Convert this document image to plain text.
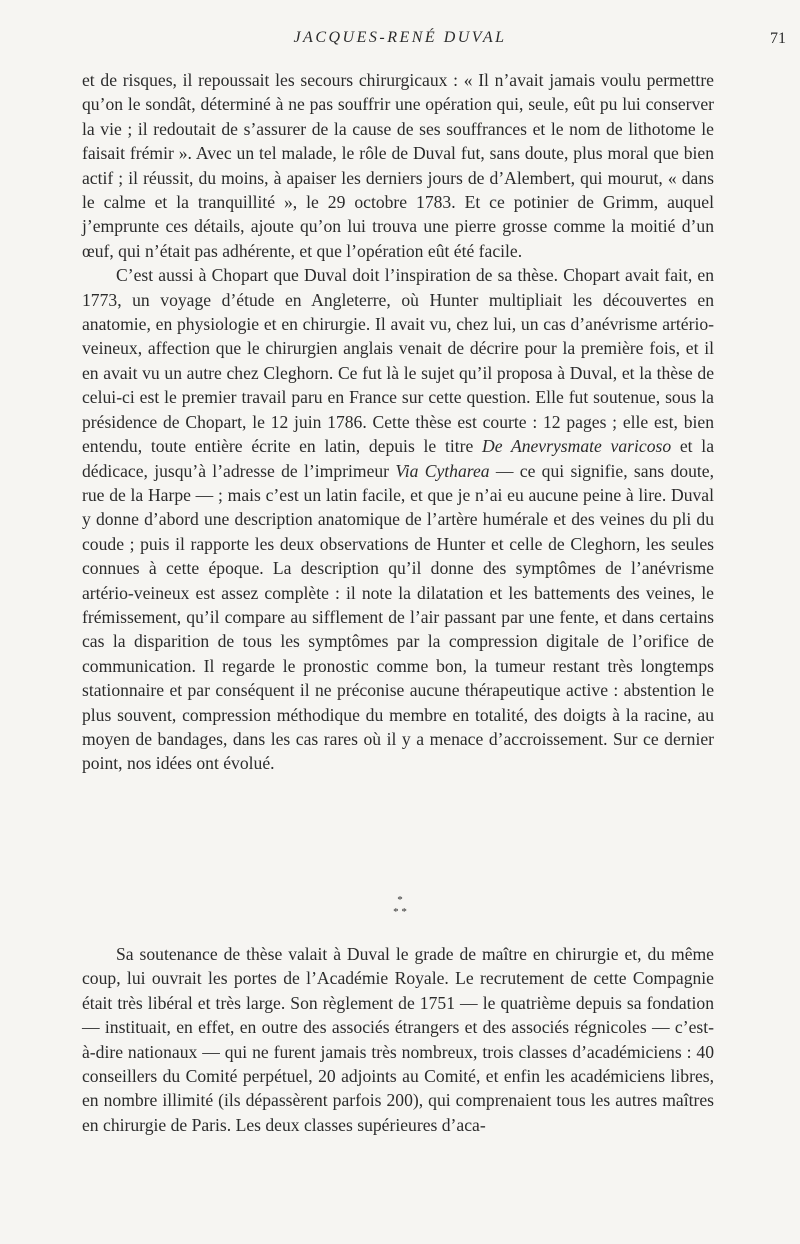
JACQUES-RENÉ DUVAL	71

et de risques, il repoussait les secours chirurgicaux : « Il n’avait jamais voulu permettre qu’on le sondât, déterminé à ne pas souffrir une opération qui, seule, eût pu lui conserver la vie ; il redoutait de s’assurer de la cause de ses souffrances et le nom de lithotome le faisait frémir ». Avec un tel malade, le rôle de Duval fut, sans doute, plus moral que bien actif ; il réussit, du moins, à apaiser les derniers jours de d’Alembert, qui mourut, « dans le calme et la tranquillité », le 29 octobre 1783. Et ce potinier de Grimm, auquel j’emprunte ces détails, ajoute qu’on lui trouva une pierre grosse comme la moitié d’un œuf, qui n’était pas adhérente, et que l’opération eût été facile.

C’est aussi à Chopart que Duval doit l’inspiration de sa thèse. Chopart avait fait, en 1773, un voyage d’étude en Angleterre, où Hunter multipliait les découvertes en anatomie, en physiologie et en chirurgie. Il avait vu, chez lui, un cas d’anévrisme artério-veineux, affection que le chirurgien anglais venait de décrire pour la première fois, et il en avait vu un autre chez Cleghorn. Ce fut là le sujet qu’il proposa à Duval, et la thèse de celui-ci est le premier travail paru en France sur cette question. Elle fut soutenue, sous la présidence de Chopart, le 12 juin 1786. Cette thèse est courte : 12 pages ; elle est, bien entendu, toute entière écrite en latin, depuis le titre De Anevrysmate varicoso et la dédicace, jusqu’à l’adresse de l’imprimeur Via Cytharea — ce qui signifie, sans doute, rue de la Harpe — ; mais c’est un latin facile, et que je n’ai eu aucune peine à lire. Duval y donne d’abord une description anatomique de l’artère humérale et des veines du pli du coude ; puis il rapporte les deux observations de Hunter et celle de Cleghorn, les seules connues à cette époque. La description qu’il donne des symptômes de l’anévrisme artério-veineux est assez complète : il note la dilatation et les battements des veines, le frémissement, qu’il compare au sifflement de l’air passant par une fente, et dans certains cas la disparition de tous les symptômes par la compression digitale de l’orifice de communication. Il regarde le pronostic comme bon, la tumeur restant très longtemps stationnaire et par conséquent il ne préconise aucune thérapeutique active : abstention le plus souvent, compression méthodique du membre en totalité, des doigts à la racine, au moyen de bandages, dans les cas rares où il y a menace d’accroissement. Sur ce dernier point, nos idées ont évolué.

*
* *

Sa soutenance de thèse valait à Duval le grade de maître en chirurgie et, du même coup, lui ouvrait les portes de l’Académie Royale. Le recrutement de cette Compagnie était très libéral et très large. Son règlement de 1751 — le quatrième depuis sa fondation — instituait, en effet, en outre des associés étrangers et des associés régnicoles — c’est-à-dire nationaux — qui ne furent jamais très nombreux, trois classes d’académiciens : 40 conseillers du Comité perpétuel, 20 adjoints au Comité, et enfin les académiciens libres, en nombre illimité (ils dépassèrent parfois 200), qui comprenaient tous les autres maîtres en chirurgie de Paris. Les deux classes supérieures d’aca-
